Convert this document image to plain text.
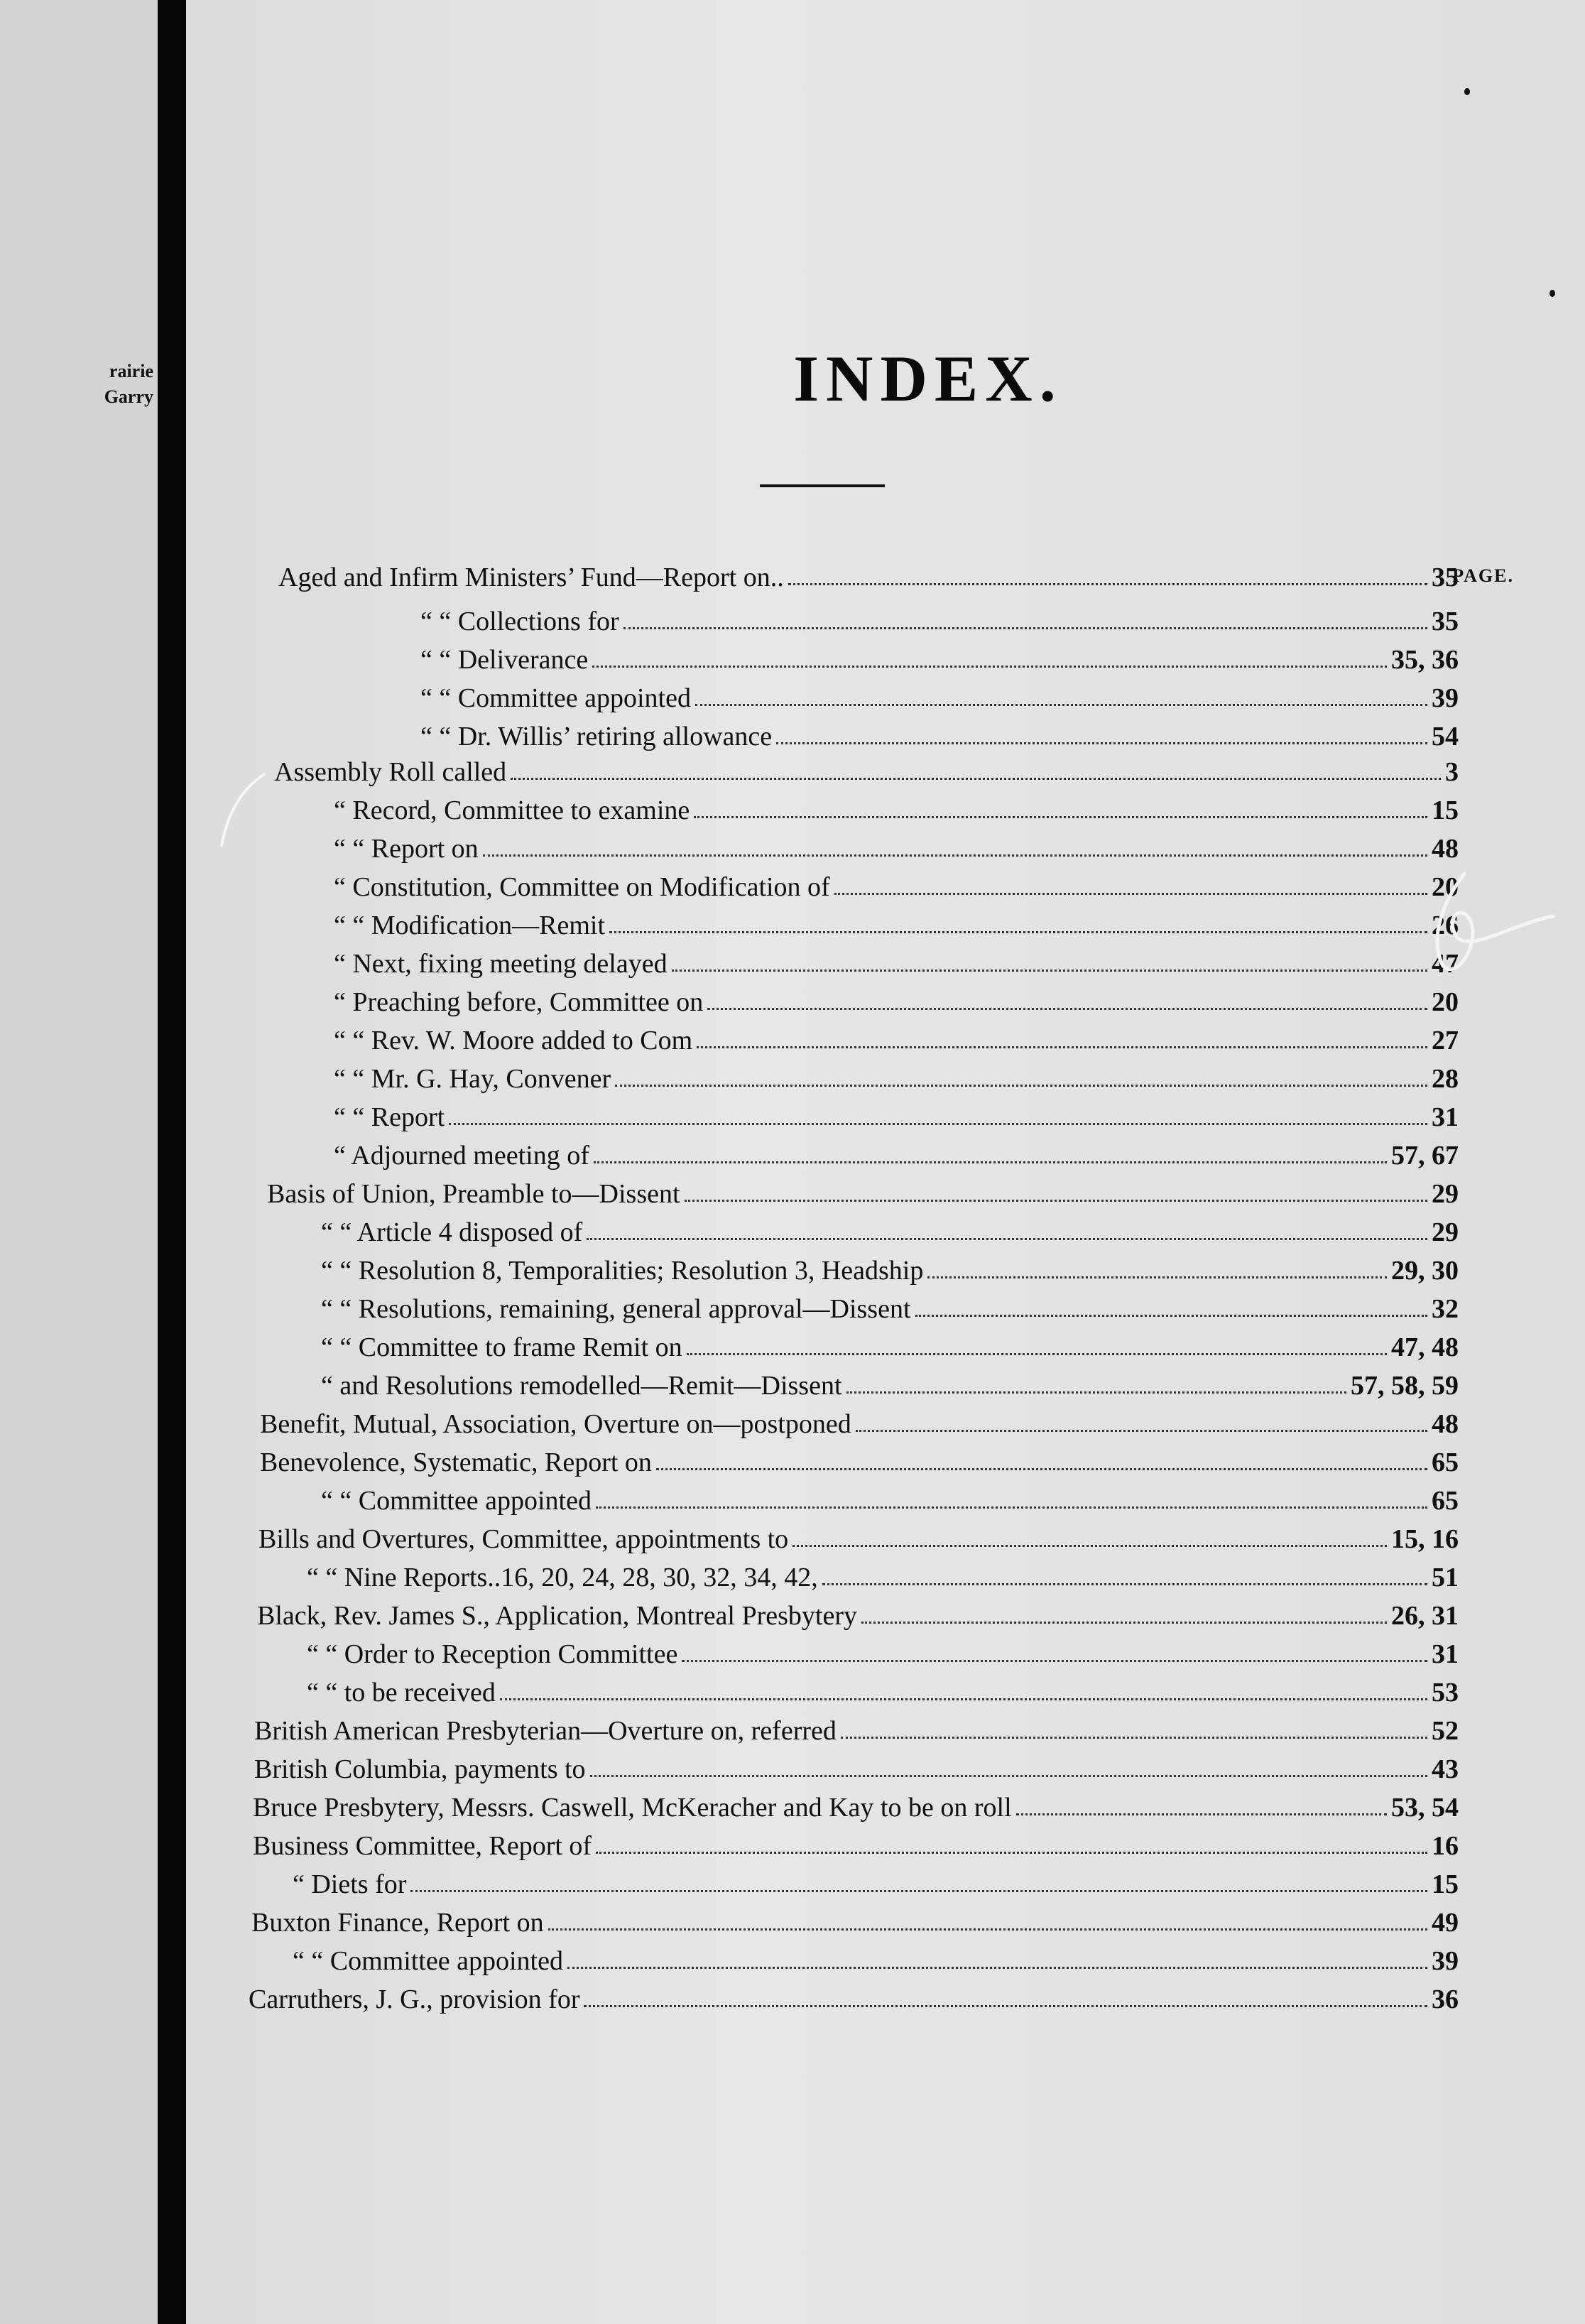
rairie
Garry	INDEX.
PAGE.
Aged and Infirm Ministers’ Fund—Report on..	35
“ “ Collections for	35
“ “ Deliverance	35, 36
“ “ Committee appointed	39
“ “ Dr. Willis’ retiring allowance	54
Assembly Roll called	3
“ Record, Committee to examine	15
“ “ Report on	48
“ Constitution, Committee on Modification of	20
“ “ Modification—Remit	26
“ Next, fixing meeting delayed	47
“ Preaching before, Committee on	20
“ “ Rev. W. Moore added to Com	27
“ “ Mr. G. Hay, Convener	28
“ “ Report	31
“ Adjourned meeting of	57, 67
Basis of Union, Preamble to—Dissent	29
“ “ Article 4 disposed of	29
“ “ Resolution 8, Temporalities; Resolution 3, Headship	29, 30
“ “ Resolutions, remaining, general approval—Dissent	32
“ “ Committee to frame Remit on	47, 48
“ and Resolutions remodelled—Remit—Dissent	57, 58, 59
Benefit, Mutual, Association, Overture on—postponed	48
Benevolence, Systematic, Report on	65
“ “ Committee appointed	65
Bills and Overtures, Committee, appointments to	15, 16
“ “ Nine Reports..16, 20, 24, 28, 30, 32, 34, 42,	51
Black, Rev. James S., Application, Montreal Presbytery	26, 31
“ “ Order to Reception Committee	31
“ “ to be received	53
British American Presbyterian—Overture on, referred	52
British Columbia, payments to	43
Bruce Presbytery, Messrs. Caswell, McKeracher and Kay to be on roll	53, 54
Business Committee, Report of	16
“ Diets for	15
Buxton Finance, Report on	49
“ “ Committee appointed	39
Carruthers, J. G., provision for	36
